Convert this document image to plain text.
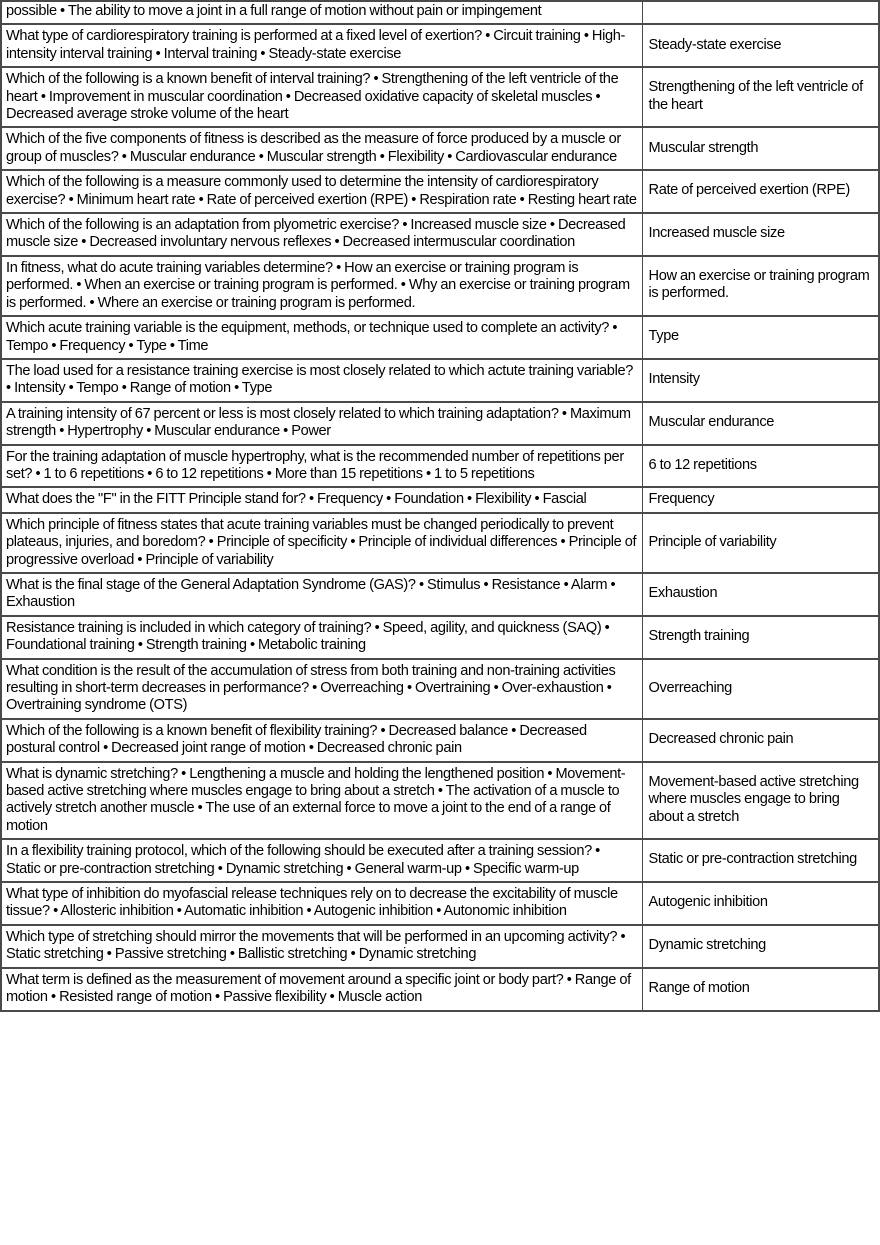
possible • The ability to move a joint in a full range of motion without pain or impingement	
What type of cardiorespiratory training is performed at a fixed level of exertion? • Circuit training • High-intensity interval training • Interval training • Steady-state exercise	Steady-state exercise
Which of the following is a known benefit of interval training? • Strengthening of the left ventricle of the heart • Improvement in muscular coordination • Decreased oxidative capacity of skeletal muscles • Decreased average stroke volume of the heart	Strengthening of the left ventricle of the heart
Which of the five components of fitness is described as the measure of force produced by a muscle or group of muscles? • Muscular endurance • Muscular strength • Flexibility • Cardiovascular endurance	Muscular strength
Which of the following is a measure commonly used to determine the intensity of cardiorespiratory exercise? • Minimum heart rate • Rate of perceived exertion (RPE) • Respiration rate • Resting heart rate	Rate of perceived exertion (RPE)
Which of the following is an adaptation from plyometric exercise? • Increased muscle size • Decreased muscle size • Decreased involuntary nervous reflexes • Decreased intermuscular coordination	Increased muscle size
In fitness, what do acute training variables determine? • How an exercise or training program is performed. • When an exercise or training program is performed. • Why an exercise or training program is performed. • Where an exercise or training program is performed.	How an exercise or training program is performed.
Which acute training variable is the equipment, methods, or technique used to complete an activity? • Tempo • Frequency • Type • Time	Type
The load used for a resistance training exercise is most closely related to which actute training variable? • Intensity • Tempo • Range of motion • Type	Intensity
A training intensity of 67 percent or less is most closely related to which training adaptation? • Maximum strength • Hypertrophy • Muscular endurance • Power	Muscular endurance
For the training adaptation of muscle hypertrophy, what is the recommended number of repetitions per set? • 1 to 6 repetitions • 6 to 12 repetitions • More than 15 repetitions • 1 to 5 repetitions	6 to 12 repetitions
What does the "F" in the FITT Principle stand for? • Frequency • Foundation • Flexibility • Fascial	Frequency
Which principle of fitness states that acute training variables must be changed periodically to prevent plateaus, injuries, and boredom? • Principle of specificity • Principle of individual differences • Principle of progressive overload • Principle of variability	Principle of variability
What is the final stage of the General Adaptation Syndrome (GAS)? • Stimulus • Resistance • Alarm • Exhaustion	Exhaustion
Resistance training is included in which category of training? • Speed, agility, and quickness (SAQ) • Foundational training • Strength training • Metabolic training	Strength training
What condition is the result of the accumulation of stress from both training and non-training activities resulting in short-term decreases in performance? • Overreaching • Overtraining • Over-exhaustion • Overtraining syndrome (OTS)	Overreaching
Which of the following is a known benefit of flexibility training? • Decreased balance • Decreased postural control • Decreased joint range of motion • Decreased chronic pain	Decreased chronic pain
What is dynamic stretching? • Lengthening a muscle and holding the lengthened position • Movement-based active stretching where muscles engage to bring about a stretch • The activation of a muscle to actively stretch another muscle • The use of an external force to move a joint to the end of a range of motion	Movement-based active stretching where muscles engage to bring about a stretch
In a flexibility training protocol, which of the following should be executed after a training session? • Static or pre-contraction stretching • Dynamic stretching • General warm-up • Specific warm-up	Static or pre-contraction stretching
What type of inhibition do myofascial release techniques rely on to decrease the excitability of muscle tissue? • Allosteric inhibition • Automatic inhibition • Autogenic inhibition • Autonomic inhibition	Autogenic inhibition
Which type of stretching should mirror the movements that will be performed in an upcoming activity? • Static stretching • Passive stretching • Ballistic stretching • Dynamic stretching	Dynamic stretching
What term is defined as the measurement of movement around a specific joint or body part? • Range of motion • Resisted range of motion • Passive flexibility • Muscle action	Range of motion
